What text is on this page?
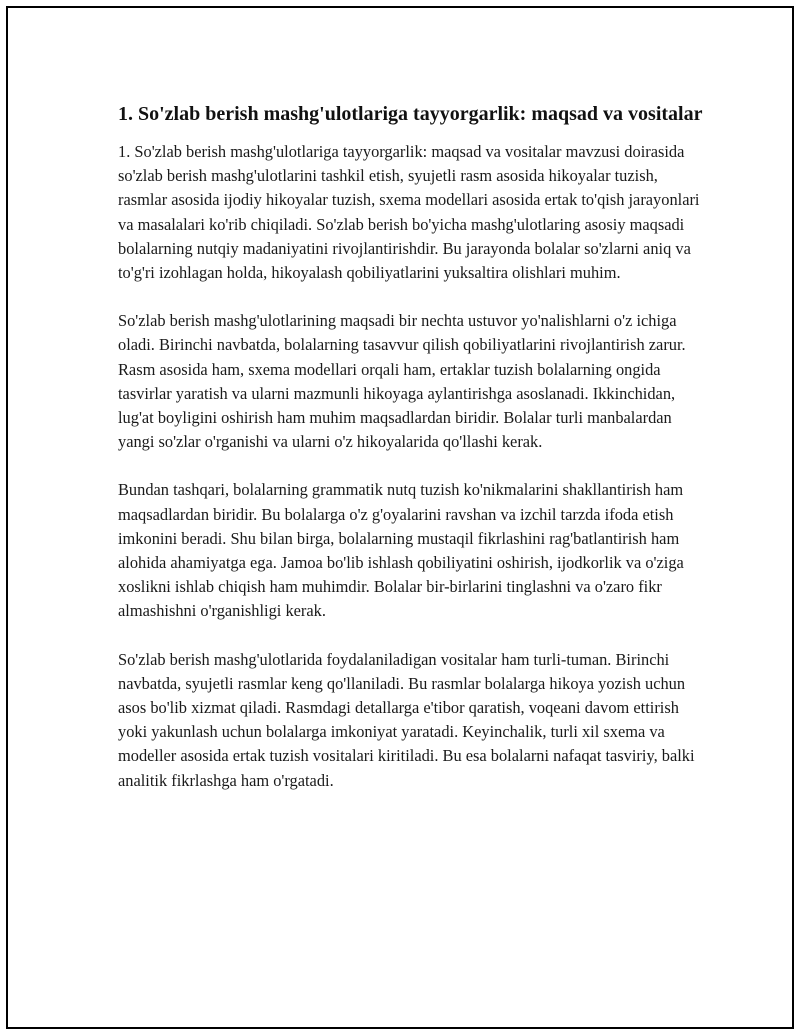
1. So'zlab berish mashg'ulotlariga tayyorgarlik: maqsad va vositalar

1. So'zlab berish mashg'ulotlariga tayyorgarlik: maqsad va vositalar mavzusi doirasida so'zlab berish mashg'ulotlarini tashkil etish, syujetli rasm asosida hikoyalar tuzish, rasmlar asosida ijodiy hikoyalar tuzish, sxema modellari asosida ertak to'qish jarayonlari va masalalari ko'rib chiqiladi. So'zlab berish bo'yicha mashg'ulotlaring asosiy maqsadi bolalarning nutqiy madaniyatini rivojlantirishdir. Bu jarayonda bolalar so'zlarni aniq va to'g'ri izohlagan holda, hikoyalash qobiliyatlarini yuksaltira olishlari muhim.

So'zlab berish mashg'ulotlarining maqsadi bir nechta ustuvor yo'nalishlarni o'z ichiga oladi. Birinchi navbatda, bolalarning tasavvur qilish qobiliyatlarini rivojlantirish zarur. Rasm asosida ham, sxema modellari orqali ham, ertaklar tuzish bolalarning ongida tasvirlar yaratish va ularni mazmunli hikoyaga aylantirishga asoslanadi. Ikkinchidan, lug'at boyligini oshirish ham muhim maqsadlardan biridir. Bolalar turli manbalardan yangi so'zlar o'rganishi va ularni o'z hikoyalarida qo'llashi kerak.

Bundan tashqari, bolalarning grammatik nutq tuzish ko'nikmalarini shakllantirish ham maqsadlardan biridir. Bu bolalarga o'z g'oyalarini ravshan va izchil tarzda ifoda etish imkonini beradi. Shu bilan birga, bolalarning mustaqil fikrlashini rag'batlantirish ham alohida ahamiyatga ega. Jamoa bo'lib ishlash qobiliyatini oshirish, ijodkorlik va o'ziga xoslikni ishlab chiqish ham muhimdir. Bolalar bir-birlarini tinglashni va o'zaro fikr almashishni o'rganishligi kerak.

So'zlab berish mashg'ulotlarida foydalaniladigan vositalar ham turli-tuman. Birinchi navbatda, syujetli rasmlar keng qo'llaniladi. Bu rasmlar bolalarga hikoya yozish uchun asos bo'lib xizmat qiladi. Rasmdagi detallarga e'tibor qaratish, voqeani davom ettirish yoki yakunlash uchun bolalarga imkoniyat yaratadi. Keyinchalik, turli xil sxema va modeller asosida ertak tuzish vositalari kiritiladi. Bu esa bolalarni nafaqat tasviriy, balki analitik fikrlashga ham o'rgatadi.
